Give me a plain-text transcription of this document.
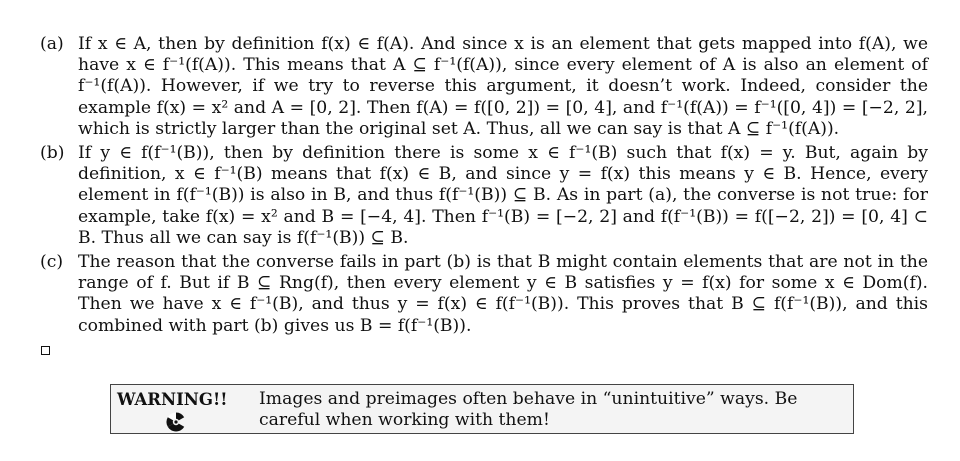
(a) If x ∈ A, then by definition f(x) ∈ f(A). And since x is an element that gets mapped into f(A), we have x ∈ f⁻¹(f(A)). This means that A ⊆ f⁻¹(f(A)), since every element of A is also an element of f⁻¹(f(A)). However, if we try to reverse this argument, it doesn’t work. Indeed, consider the example f(x) = x² and A = [0, 2]. Then f(A) = f([0, 2]) = [0, 4], and f⁻¹(f(A)) = f⁻¹([0, 4]) = [−2, 2], which is strictly larger than the original set A. Thus, all we can say is that A ⊆ f⁻¹(f(A)).
(b) If y ∈ f(f⁻¹(B)), then by definition there is some x ∈ f⁻¹(B) such that f(x) = y. But, again by definition, x ∈ f⁻¹(B) means that f(x) ∈ B, and since y = f(x) this means y ∈ B. Hence, every element in f(f⁻¹(B)) is also in B, and thus f(f⁻¹(B)) ⊆ B. As in part (a), the converse is not true: for example, take f(x) = x² and B = [−4, 4]. Then f⁻¹(B) = [−2, 2] and f(f⁻¹(B)) = f([−2, 2]) = [0, 4] ⊂ B. Thus all we can say is f(f⁻¹(B)) ⊆ B.
(c) The reason that the converse fails in part (b) is that B might contain elements that are not in the range of f. But if B ⊆ Rng(f), then every element y ∈ B satisfies y = f(x) for some x ∈ Dom(f). Then we have x ∈ f⁻¹(B), and thus y = f(x) ∈ f(f⁻¹(B)). This proves that B ⊆ f(f⁻¹(B)), and this combined with part (b) gives us B = f(f⁻¹(B)).
WARNING!! Images and preimages often behave in “unintuitive” ways. Be careful when working with them!
